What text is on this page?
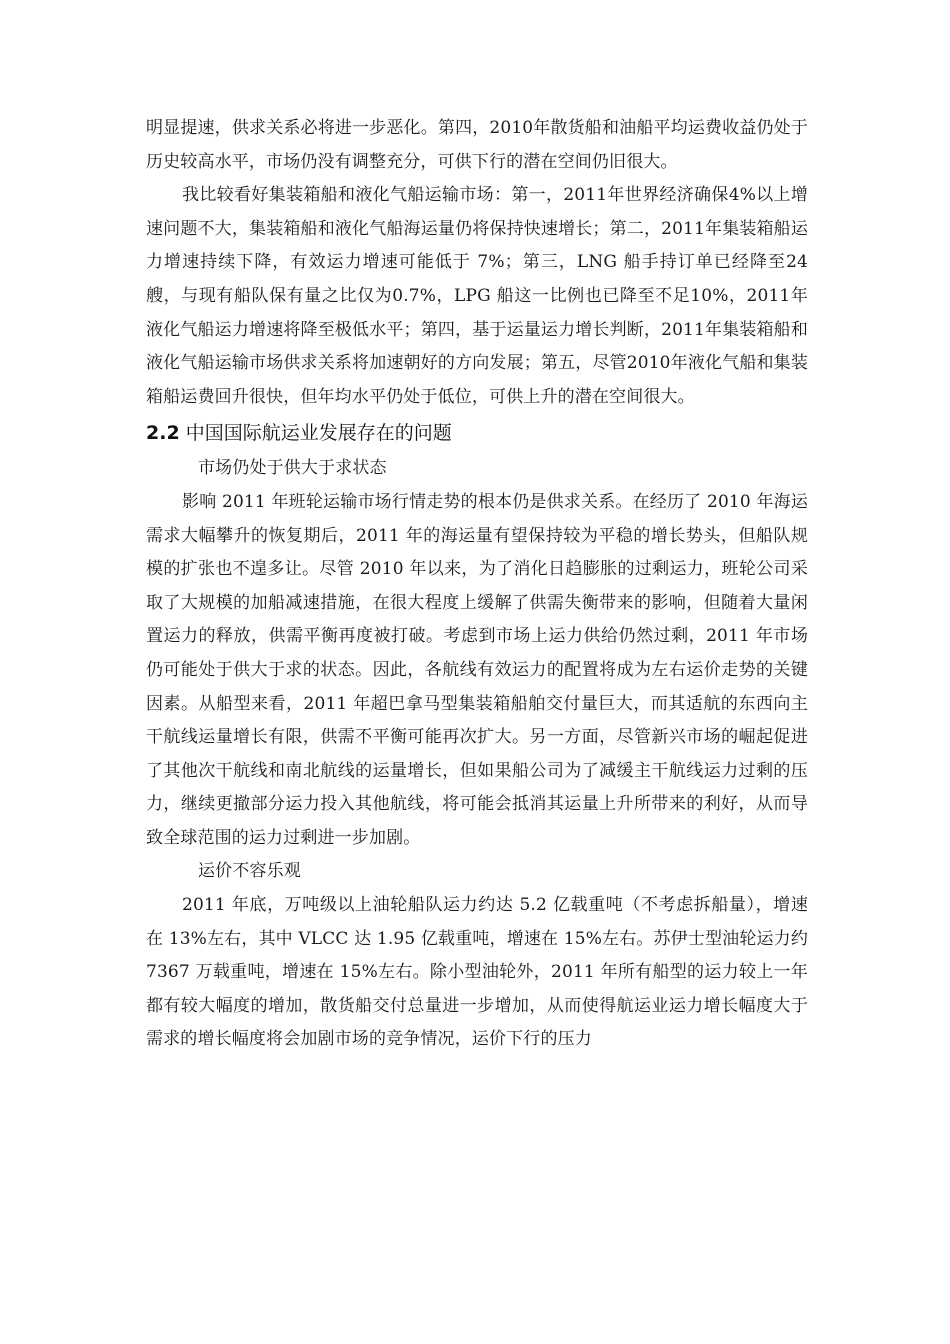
明显提速，供求关系必将进一步恶化。第四，2010年散货船和油船平均运费收益仍处于历史较高水平，市场仍没有调整充分，可供下行的潜在空间仍旧很大。

我比较看好集装箱船和液化气船运输市场：第一，2011年世界经济确保4%以上增速问题不大，集装箱船和液化气船海运量仍将保持快速增长；第二，2011年集装箱船运力增速持续下降，有效运力增速可能低于 7%；第三，LNG 船手持订单已经降至24艘，与现有船队保有量之比仅为0.7%，LPG 船这一比例也已降至不足10%，2011年液化气船运力增速将降至极低水平；第四，基于运量运力增长判断，2011年集装箱船和液化气船运输市场供求关系将加速朝好的方向发展；第五，尽管2010年液化气船和集装箱船运费回升很快，但年均水平仍处于低位，可供上升的潜在空间很大。

2.2 中国国际航运业发展存在的问题

市场仍处于供大于求状态

影响 2011 年班轮运输市场行情走势的根本仍是供求关系。在经历了 2010 年海运需求大幅攀升的恢复期后，2011 年的海运量有望保持较为平稳的增长势头，但船队规模的扩张也不遑多让。尽管 2010 年以来，为了消化日趋膨胀的过剩运力，班轮公司采取了大规模的加船减速措施，在很大程度上缓解了供需失衡带来的影响，但随着大量闲置运力的释放，供需平衡再度被打破。考虑到市场上运力供给仍然过剩，2011 年市场仍可能处于供大于求的状态。因此，各航线有效运力的配置将成为左右运价走势的关键因素。从船型来看，2011 年超巴拿马型集装箱船舶交付量巨大，而其适航的东西向主干航线运量增长有限，供需不平衡可能再次扩大。另一方面，尽管新兴市场的崛起促进了其他次干航线和南北航线的运量增长，但如果船公司为了减缓主干航线运力过剩的压力，继续更撤部分运力投入其他航线，将可能会抵消其运量上升所带来的利好，从而导致全球范围的运力过剩进一步加剧。

运价不容乐观

2011 年底，万吨级以上油轮船队运力约达 5.2 亿载重吨（不考虑拆船量），增速在 13%左右，其中 VLCC 达 1.95 亿载重吨，增速在 15%左右。苏伊士型油轮运力约 7367 万载重吨，增速在 15%左右。除小型油轮外，2011 年所有船型的运力较上一年都有较大幅度的增加，散货船交付总量进一步增加，从而使得航运业运力增长幅度大于需求的增长幅度将会加剧市场的竞争情况，运价下行的压力
